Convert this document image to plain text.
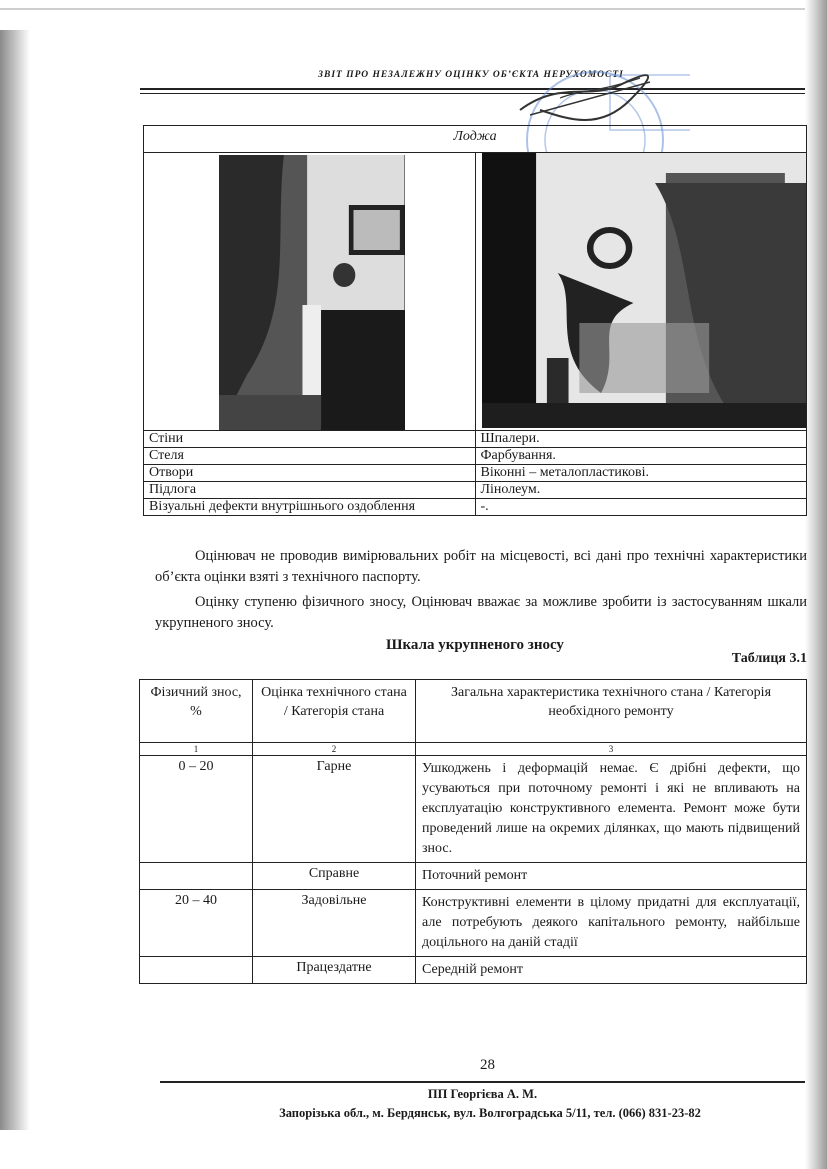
ЗВІТ ПРО НЕЗАЛЕЖНУ ОЦІНКУ ОБ’ЄКТА НЕРУХОМОСТІ
Лоджа	

Стіни	Шпалери.
Стеля	Фарбування.
Отвори	Віконні – металопластикові.
Підлога	Лінолеум.
Візуальні дефекти внутрішнього оздоблення	-.
Оцінювач не проводив вимірювальних робіт на місцевості, всі дані про технічні характеристики об’єкта оцінки взяті з технічного паспорту.
Оцінку ступеню фізичного зносу, Оцінювач вважає за можливе зробити із застосуванням шкали укрупненого зносу.
Шкала укрупненого зносу
Таблиця 3.1
Фізичний знос, %	Оцінка технічного стана / Категорія стана	Загальна характеристика технічного стана / Категорія необхідного ремонту
1	2	3
0 – 20	Гарне	Ушкоджень і деформацій немає. Є дрібні дефекти, що усуваються при поточному ремонті і які не впливають на експлуатацію конструктивного елемента. Ремонт може бути проведений лише на окремих ділянках, що мають підвищений знос.
	Справне	Поточний ремонт
20 – 40	Задовільне	Конструктивні елементи в цілому придатні для експлуатації, але потребують деякого капітального ремонту, найбільше доцільного на даній стадії
	Працездатне	Середній ремонт
28
ПП Георгієва А. М.
Запорізька обл., м. Бердянськ, вул. Волгоградська 5/11, тел. (066) 831-23-82
